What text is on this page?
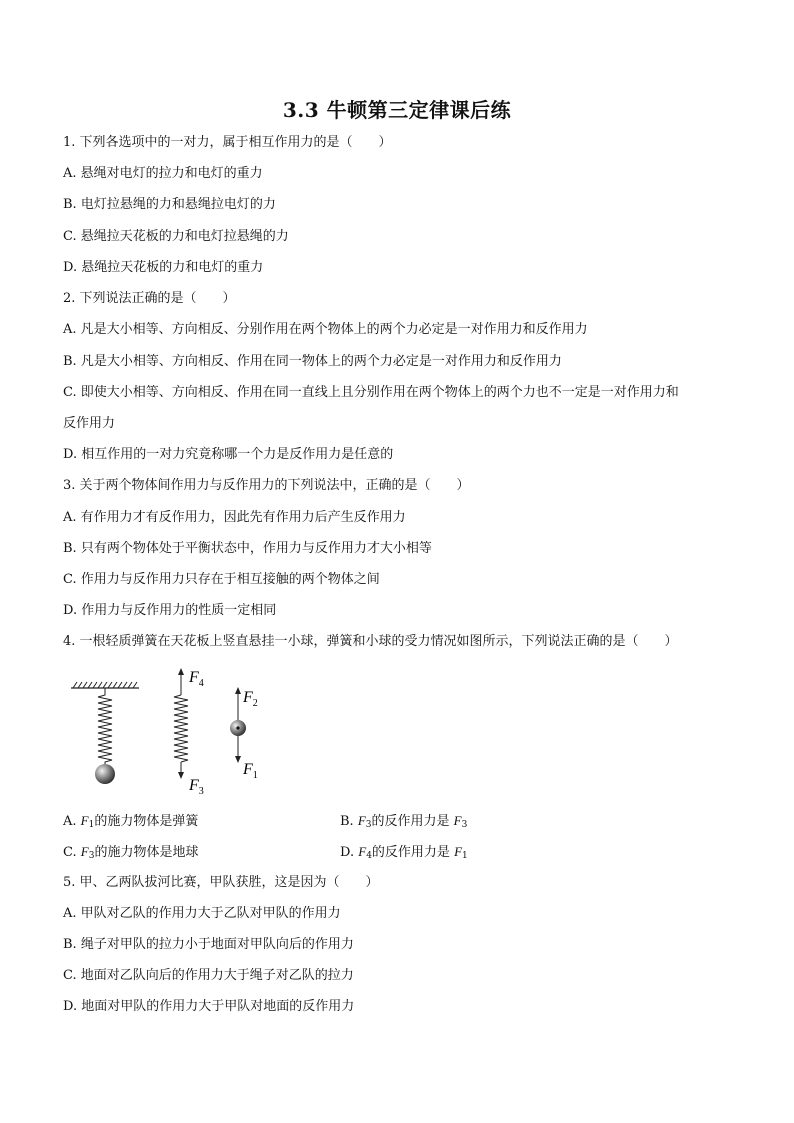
3.3 牛顿第三定律课后练
1. 下列各选项中的一对力，属于相互作用力的是（　　）
A. 悬绳对电灯的拉力和电灯的重力
B. 电灯拉悬绳的力和悬绳拉电灯的力
C. 悬绳拉天花板的力和电灯拉悬绳的力
D. 悬绳拉天花板的力和电灯的重力
2. 下列说法正确的是（　　）
A. 凡是大小相等、方向相反、分别作用在两个物体上的两个力必定是一对作用力和反作用力
B. 凡是大小相等、方向相反、作用在同一物体上的两个力必定是一对作用力和反作用力
C. 即使大小相等、方向相反、作用在同一直线上且分别作用在两个物体上的两个力也不一定是一对作用力和
反作用力
D. 相互作用的一对力究竟称哪一个力是反作用力是任意的
3. 关于两个物体间作用力与反作用力的下列说法中，正确的是（　　）
A. 有作用力才有反作用力，因此先有作用力后产生反作用力
B. 只有两个物体处于平衡状态中，作用力与反作用力才大小相等
C. 作用力与反作用力只存在于相互接触的两个物体之间
D. 作用力与反作用力的性质一定相同
4. 一根轻质弹簧在天花板上竖直悬挂一小球，弹簧和小球的受力情况如图所示，下列说法正确的是（　　）
$F_4$
$F_3$
$F_2$
$F_1$
A. $F_1$的施力物体是弹簧	B. $F_3$的反作用力是 $F_3$
C. $F_3$的施力物体是地球	D. $F_4$的反作用力是 $F_1$
5. 甲、乙两队拔河比赛，甲队获胜，这是因为（　　）
A. 甲队对乙队的作用力大于乙队对甲队的作用力
B. 绳子对甲队的拉力小于地面对甲队向后的作用力
C. 地面对乙队向后的作用力大于绳子对乙队的拉力
D. 地面对甲队的作用力大于甲队对地面的反作用力
